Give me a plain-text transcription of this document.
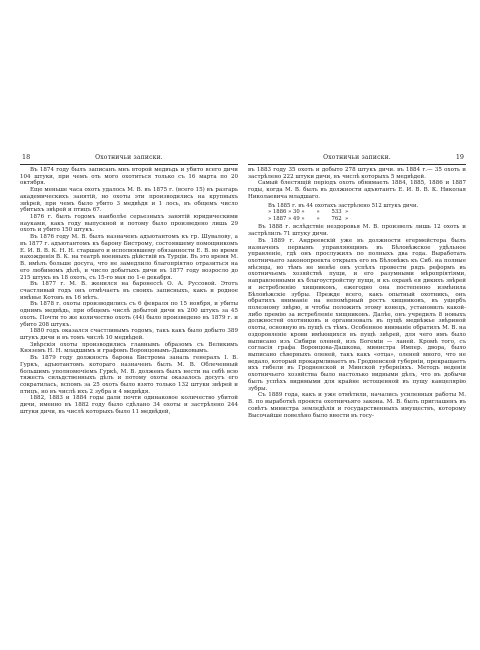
18	Охотничьи записки.

Въ 1874 году былъ записанъ мнъ второй медвъдь и убито всего дичи 104 штуки, при чемъ оть мого охотиться только съ 16 марта по 20 октября.

Еще меньше часа охоть удалось М. В. въ 1875 г. (всего 15) въ разгарь академическихъ занятій, но охоты эти производились на крупныхъ звѣрей, при чемъ было убито 3 медвѣдя и 1 лось, въ общемъ число убитыхъ звѣрей и птицъ 67.

1876 г. былъ годомъ наиболѣе серьезныхъ занятій юридическими науками, какъ году выпускной и потому было произведено лишь 29 охоть и убито 150 штукъ.

Въ 1876 году М. В. былъ назначенъ адъютантомъ къ гр. Шувалову, а въ 1877 г. адъютантомъ къ барону Бистрому, состоявшему помощникомъ Е. И. В. В. К. Н. Н. старшаго и исполнявшему обязанности Е. В. во время нахожденія В. К. на театрѣ военныхъ дѣйствій въ Турціи. Въ это время М. В. имѣлъ больше досуга, что не замедлило благопріятно отразиться на его любимомъ дѣлѣ, и число добытыхъ дичи въ 1877 году возросло до 215 штукъ въ 18 охоть, съ 15-го мая по 1-е декабря.

Въ 1877 г. М. В. женился на баронессѣ О. А. Руссовой. Этотъ счастливый годъ онъ отмѣчаетъ въ своихъ записныхъ, какъ и родное имѣнье Котовъ въ 16 мѣтъ.

Въ 1878 г. охоты производились съ 6 февраля по 15 ноября, и убиты однимъ медвѣдь, при общемъ числѣ добытой дичи въ 200 штукъ за 45 охоть. Почти то же количество охоть (44) было произведено въ 1879 г. и убито 208 штукъ.

1880 годъ оказался счастливымъ годомъ, такъ какъ было добыто 389 штукъ дичи и въ томъ числѣ 10 медвѣдей.

Звѣрскія охоты производились главнымъ образомъ съ Великимъ Княземъ Н. Н. младшимъ и графомъ Воронцовымъ-Дашковымъ.

Въ 1879 году должность барона Бистрома заналь генералъ I. В. Гуркъ, адъютантомъ котораго назначенъ былъ М. В. Облеченный большимъ уполномочіемъ Гуркѣ, М. В. долженъ былъ нести на себѣ всю тяжесть сильдственныхъ дѣлъ и потому охоты оказалось досугъ его сократилась, вспомъ за 25 охоть было взято только 132 штуки звѣрей и птицъ, но въ числѣ ихъ 2 зубра и 4 медвѣдя.

1882, 1883 и 1884 годы дали почти одинаковое количество убитой дичи, именно въ 1882 году было сдѣлано 34 охоты и застрѣлено 244 штуки дичи, въ числѣ которыхъ было 11 медвѣдей,

Охотничьи записки.	19

въ 1883 году 35 охоть и добыто 278 штукъ дичи. въ 1884 г.— 35 охоть и застрѣлено 222 штуки дичи, въ числѣ которыхъ 5 медвѣдей.

Самый блестящій періодъ охоть обнимаеть 1884, 1885, 1886 и 1887 годы, когда М. В. былъ въ должности адъютантъ Е. И. В. В. К. Николая Николаевича младшаго.

Въ 1885 г. въ 44 охотахъ застрѣлено 512 штукъ дичи.
» 1886 » 30 »       »       533  »
» 1887 » 49 »       »       762  »

Въ 1888 г. вслѣдствіе нездоровья М. В. произвелъ лишь 12 охоть и застрѣлилъ 71 штуку дичи.

Въ 1889 г. Андреевскій уже въ должности егермейстера былъ назначенъ первымъ управляющимъ въ Бѣловѣжское удѣльное управленіе, гдѣ онъ прослужилъ по полныхъ два года. Выработать охотничьего законопроекта открылъ его въ Бѣловѣжъ къ Сиб. на полные мѣсяцы, но тѣмъ не менѣе онъ успѣлъ провести рядъ реформъ въ охотничьемъ хозяйствѣ пущи, и его разумными мѣропріятіями, направленными къ благоустройству пущи, и къ охранѣ ея дикихъ звѣрей и истребленію хищниковъ, ежегодно она постепенно измѣнила Бѣловѣжскіе зубры. Прежде всего, какъ опытный охотникъ, онъ обратилъ вниманіе на непомѣрный ростъ хищниковъ, въ ущербъ полезному звѣрю, и чтобы положить этому конецъ, установилъ какой-либо премію за истребленіе хищниковъ. Далѣе, онъ учредилъ 8 новыхъ должностей охотниковъ и организовалъ въ пущѣ медвѣжье звѣриной охоты, основную въ пущѣ съ тѣмъ. Особенное вниманіе обратилъ М. В. на оздоровленіе крови имѣющихся въ пущѣ звѣрей, для чего имъ было выписано изъ Сибири оленей, изъ Богеміи — ланей. Кромѣ того, съ согласія графа Воронцова-Дашкова, министра Импер. двора, было выписано сѣверныхъ оленей, такъ какъ «отца», оленей много, что не ведало, который прокармливаетъ въ Гродненской губерніи, прекращаетъ ихъ гибели въ Гродненской и Минской губерніяхъ. Методъ веденія охотничьего хозяйства было настолько видными дѣлъ, что въ добычи былъ успѣхъ видимыми для крайне истощенной въ пущу канцелярію зубры.

Съ 1889 года, какъ и уже отмѣтили, начались усиленныя работы М. В. по выработкѣ проекта охотничьяго закона. М. В. былъ приглашенъ въ совѣтъ министра земледѣлія и государственныхъ имуществъ, которому Высочайше повелѣно было внести въ госу-
